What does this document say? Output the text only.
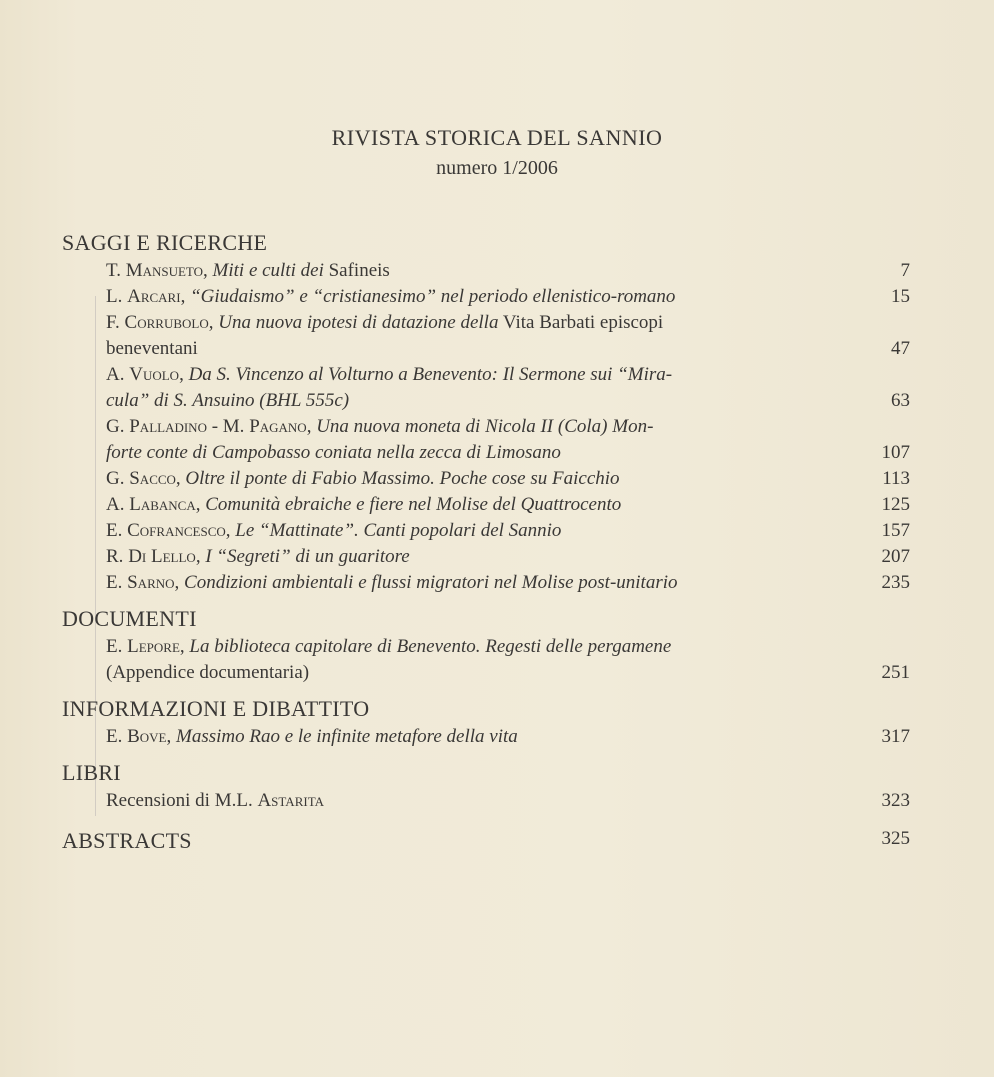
RIVISTA STORICA DEL SANNIO
numero 1/2006
SAGGI E RICERCHE
T. Mansueto, Miti e culti dei Safineis	7
L. Arcari, “Giudaismo” e “cristianesimo” nel periodo ellenistico-romano	15
F. Corrubolo, Una nuova ipotesi di datazione della Vita Barbati episcopi
beneventani	47
A. Vuolo, Da S. Vincenzo al Volturno a Benevento: Il Sermone sui “Mira-
cula” di S. Ansuino (BHL 555c)	63
G. Palladino - M. Pagano, Una nuova moneta di Nicola II (Cola) Mon-
forte conte di Campobasso coniata nella zecca di Limosano	107
G. Sacco, Oltre il ponte di Fabio Massimo. Poche cose su Faicchio	113
A. Labanca, Comunità ebraiche e fiere nel Molise del Quattrocento	125
E. Cofrancesco, Le “Mattinate”. Canti popolari del Sannio	157
R. Di Lello, I “Segreti” di un guaritore	207
E. Sarno, Condizioni ambientali e flussi migratori nel Molise post-unitario	235
DOCUMENTI
E. Lepore, La biblioteca capitolare di Benevento. Regesti delle pergamene
(Appendice documentaria)	251
INFORMAZIONI E DIBATTITO
E. Bove, Massimo Rao e le infinite metafore della vita	317
LIBRI
Recensioni di M.L. Astarita	323
ABSTRACTS	325
